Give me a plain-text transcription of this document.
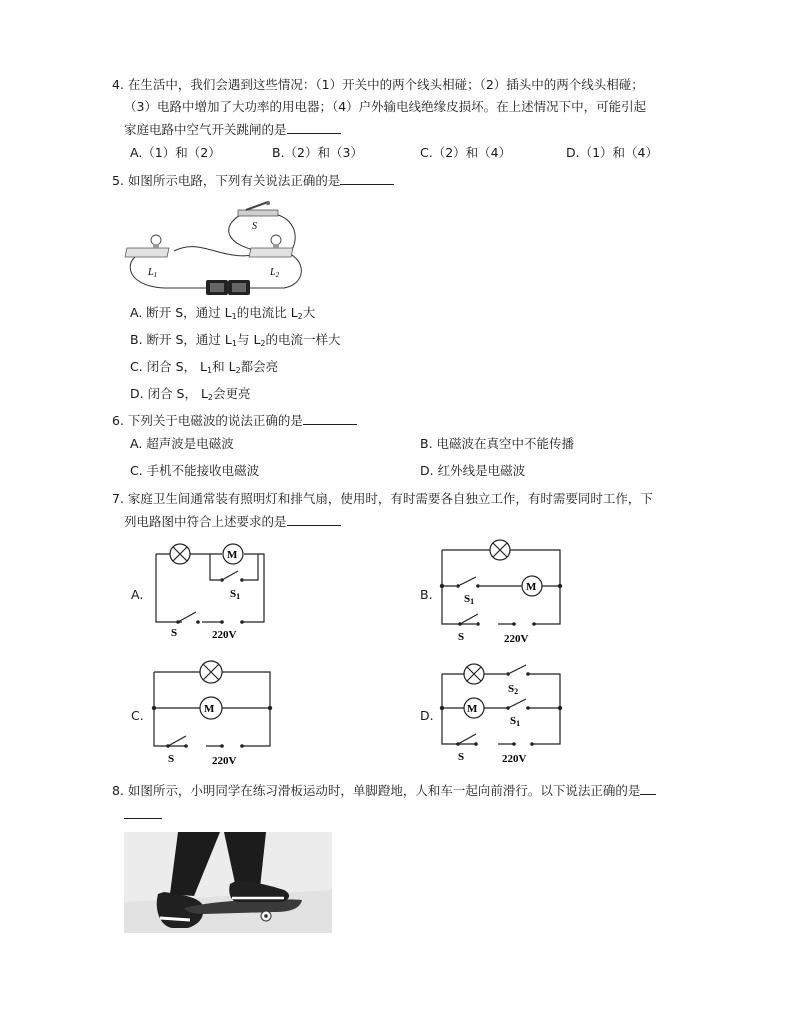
4. 在生活中，我们会遇到这些情况：（1）开关中的两个线头相碰；（2）插头中的两个线头相碰；
（3）电路中增加了大功率的用电器；（4）户外输电线绝缘皮损坏。在上述情况下中，可能引起
家庭电路中空气开关跳闸的是
A.（1）和（2）	B.（2）和（3）	C.（2）和（4）	D.（1）和（4）
5. 如图所示电路，下列有关说法正确的是
S
$L_1$	$L_2$
A. 断开 S，通过 $L_1$的电流比 $L_2$大
B. 断开 S，通过 $L_1$与 $L_2$的电流一样大
C. 闭合 S， $L_1$和 $L_2$都会亮
D. 闭合 S， $L_2$会更亮
6. 下列关于电磁波的说法正确的是
A. 超声波是电磁波	B. 电磁波在真空中不能传播
C. 手机不能接收电磁波	D. 红外线是电磁波
7. 家庭卫生间通常装有照明灯和排气扇，使用时，有时需要各自独立工作，有时需要同时工作，下
列电路图中符合上述要求的是
A.
M
S1
S	220V
B.	M
S1
S	220V
C.	M
S	220V
D.	M
S2
S1
S	220V
8. 如图所示，小明同学在练习滑板运动时，单脚蹬地，人和车一起向前滑行。以下说法正确的是
